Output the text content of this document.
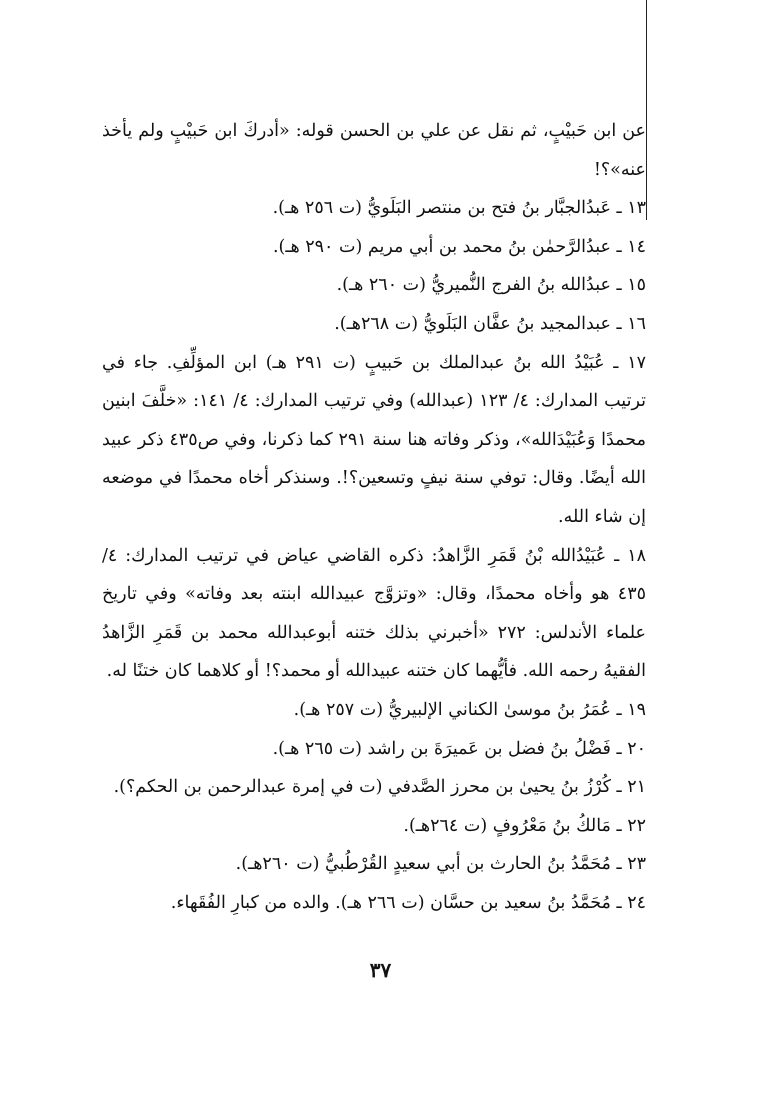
عن ابن حَبيْبٍ، ثم نقل عن علي بن الحسن قوله: «أدركَ ابن حَبيْبٍ ولم يأخذ عنه»؟!

١٣ ـ عَبدُالجبَّار بنُ فتح بن منتصر البَلَويُّ (ت ٢٥٦ هـ).

١٤ ـ عبدُالرَّحمٰن بنُ محمد بن أبي مريم (ت ٢٩٠ هـ).

١٥ ـ عبدُالله بنُ الفرج النُّميريُّ (ت ٢٦٠ هـ).

١٦ ـ عبدالمجيد بنُ عفَّان البَلَويُّ (ت ٢٦٨هـ).

١٧ ـ عُبَيْدُ الله بنُ عبدالملك بن حَبيبٍ (ت ٢٩١ هـ) ابن المؤلِّفِ. جاء في ترتيب المدارك: ٤/ ١٢٣ (عبدالله) وفي ترتيب المدارك: ٤/ ١٤١: «خلَّفَ ابنين محمدًا وَعُبَيْدَالله»، وذكر وفاته هنا سنة ٢٩١ كما ذكرنا، وفي ص٤٣٥ ذكر عبيد الله أيضًا. وقال: توفي سنة نيفٍ وتسعين؟!. وسنذكر أخاه محمدًا في موضعه إن شاء الله.

١٨ ـ عُبَيْدُالله بْنُ قَمَرِ الزَّاهدُ: ذكره القاضي عياض في ترتيب المدارك: ٤/ ٤٣٥ هو وأخاه محمدًا، وقال: «وتزوَّج عبيدالله ابنته بعد وفاته» وفي تاريخ علماء الأندلس: ٢٧٢ «أخبرني بذلك ختنه أبوعبدالله محمد بن قَمَرِ الزَّاهدُ الفقيهُ رحمه الله. فأيُّهما كان ختنه عبيدالله أو محمد؟! أو كلاهما كان ختنًا له.

١٩ ـ عُمَرُ بنُ موسىٰ الكناني الإلبيريُّ (ت ٢٥٧ هـ).

٢٠ ـ فَضْلُ بنُ فضل بن عَميرَةَ بن راشد (ت ٢٦٥ هـ).

٢١ ـ كُرْزُ بنُ يحيىٰ بن محرز الصَّدفي (ت في إمرة عبدالرحمن بن الحكم؟).

٢٢ ـ مَالكُ بنُ مَعْرُوفٍ (ت ٢٦٤هـ).

٢٣ ـ مُحَمَّدُ بنُ الحارث بن أبي سعيدٍ القُرْطُبيُّ (ت ٢٦٠هـ).

٢٤ ـ مُحَمَّدُ بنُ سعيد بن حسَّان (ت ٢٦٦ هـ). والده من كبارِ الفُقَهاء.

٣٧
